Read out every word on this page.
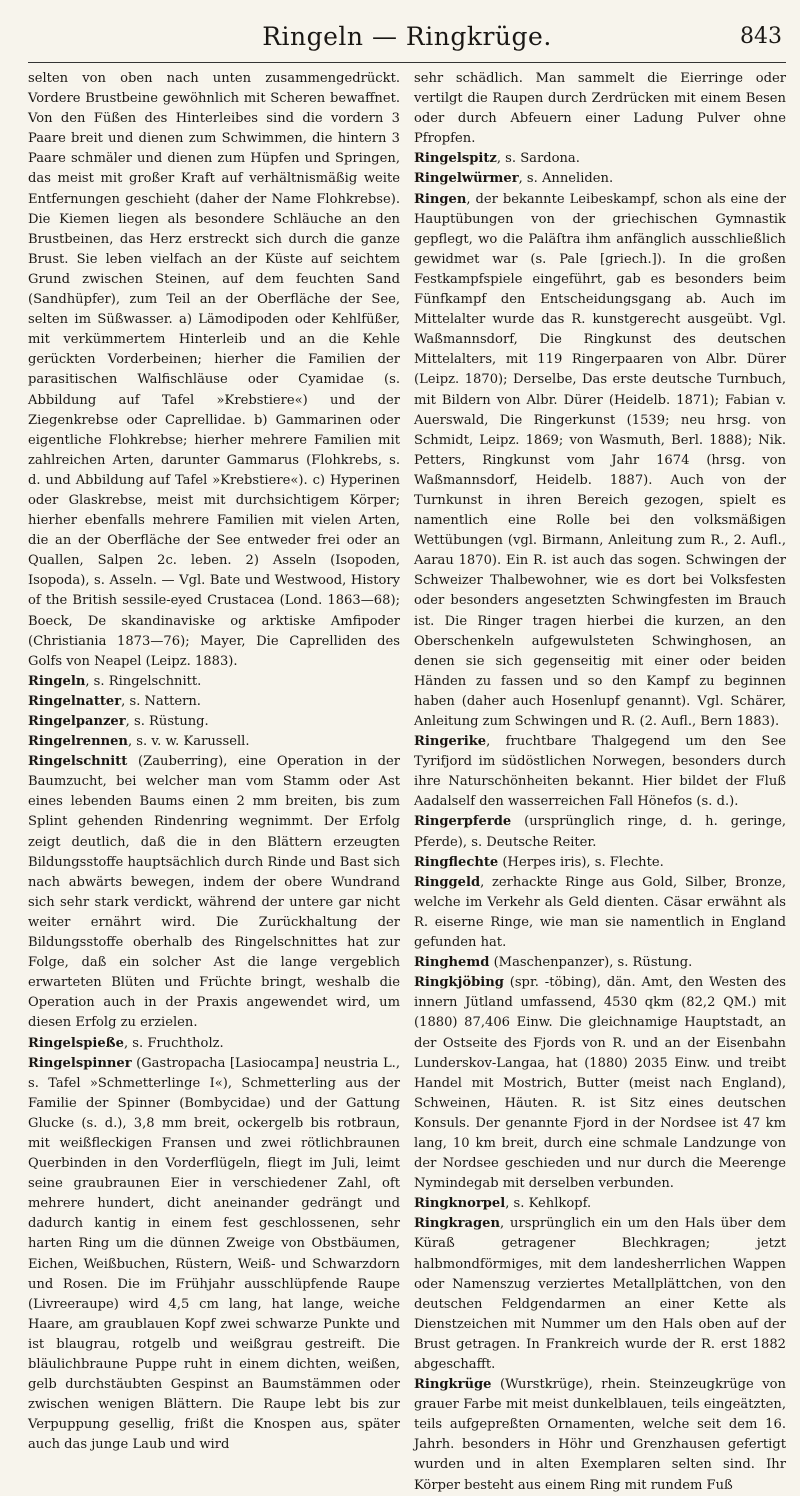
Ringeln — Ringkrüge.	843

selten von oben nach unten zusammengedrückt. Vordere Brustbeine gewöhnlich mit Scheren bewaffnet. Von den Füßen des Hinterleibes sind die vordern 3 Paare breit und dienen zum Schwimmen, die hintern 3 Paare schmäler und dienen zum Hüpfen und Springen, das meist mit großer Kraft auf verhältnismäßig weite Entfernungen geschieht (daher der Name Flohkrebse). Die Kiemen liegen als besondere Schläuche an den Brustbeinen, das Herz erstreckt sich durch die ganze Brust. Sie leben vielfach an der Küste auf seichtem Grund zwischen Steinen, auf dem feuchten Sand (Sandhüpfer), zum Teil an der Oberfläche der See, selten im Süßwasser. a) Lämodipoden oder Kehlfüßer, mit verkümmertem Hinterleib und an die Kehle gerückten Vorderbeinen; hierher die Familien der parasitischen Walfischläuse oder Cyamidae (s. Abbildung auf Tafel »Krebstiere«) und der Ziegenkrebse oder Caprellidae. b) Gammarinen oder eigentliche Flohkrebse; hierher mehrere Familien mit zahlreichen Arten, darunter Gammarus (Flohkrebs, s. d. und Abbildung auf Tafel »Krebstiere«). c) Hyperinen oder Glaskrebse, meist mit durchsichtigem Körper; hierher ebenfalls mehrere Familien mit vielen Arten, die an der Oberfläche der See entweder frei oder an Quallen, Salpen 2c. leben. 2) Asseln (Isopoden, Isopoda), s. Asseln. — Vgl. Bate und Westwood, History of the British sessile-eyed Crustacea (Lond. 1863—68); Boeck, De skandinaviske og arktiske Amfipoder (Christiania 1873—76); Mayer, Die Caprelliden des Golfs von Neapel (Leipz. 1883).

Ringeln, s. Ringelschnitt.

Ringelnatter, s. Nattern.

Ringelpanzer, s. Rüstung.

Ringelrennen, s. v. w. Karussell.

Ringelschnitt (Zauberring), eine Operation in der Baumzucht, bei welcher man vom Stamm oder Ast eines lebenden Baums einen 2 mm breiten, bis zum Splint gehenden Rindenring wegnimmt. Der Erfolg zeigt deutlich, daß die in den Blättern erzeugten Bildungsstoffe hauptsächlich durch Rinde und Bast sich nach abwärts bewegen, indem der obere Wundrand sich sehr stark verdickt, während der untere gar nicht weiter ernährt wird. Die Zurückhaltung der Bildungsstoffe oberhalb des Ringelschnittes hat zur Folge, daß ein solcher Ast die lange vergeblich erwarteten Blüten und Früchte bringt, weshalb die Operation auch in der Praxis angewendet wird, um diesen Erfolg zu erzielen.

Ringelspieße, s. Fruchtholz.

Ringelspinner (Gastropacha [Lasiocampa] neustria L., s. Tafel »Schmetterlinge I«), Schmetterling aus der Familie der Spinner (Bombycidae) und der Gattung Glucke (s. d.), 3,8 mm breit, ockergelb bis rotbraun, mit weißfleckigen Fransen und zwei rötlichbraunen Querbinden in den Vorderflügeln, fliegt im Juli, leimt seine graubraunen Eier in verschiedener Zahl, oft mehrere hundert, dicht aneinander gedrängt und dadurch kantig in einem fest geschlossenen, sehr harten Ring um die dünnen Zweige von Obstbäumen, Eichen, Weißbuchen, Rüstern, Weiß- und Schwarzdorn und Rosen. Die im Frühjahr ausschlüpfende Raupe (Livreeraupe) wird 4,5 cm lang, hat lange, weiche Haare, am graublauen Kopf zwei schwarze Punkte und ist blaugrau, rotgelb und weißgrau gestreift. Die bläulichbraune Puppe ruht in einem dichten, weißen, gelb durchstäubten Gespinst an Baumstämmen oder zwischen wenigen Blättern. Die Raupe lebt bis zur Verpuppung gesellig, frißt die Knospen aus, später auch das junge Laub und wird

sehr schädlich. Man sammelt die Eierringe oder vertilgt die Raupen durch Zerdrücken mit einem Besen oder durch Abfeuern einer Ladung Pulver ohne Pfropfen.

Ringelspitz, s. Sardona.

Ringelwürmer, s. Anneliden.

Ringen, der bekannte Leibeskampf, schon als eine der Hauptübungen von der griechischen Gymnastik gepflegt, wo die Paläſtra ihm anfänglich ausschließlich gewidmet war (s. Pale [griech.]). In die großen Festkampfspiele eingeführt, gab es besonders beim Fünfkampf den Entscheidungsgang ab. Auch im Mittelalter wurde das R. kunstgerecht ausgeübt. Vgl. Waßmannsdorf, Die Ringkunst des deutschen Mittelalters, mit 119 Ringerpaaren von Albr. Dürer (Leipz. 1870); Derselbe, Das erste deutsche Turnbuch, mit Bildern von Albr. Dürer (Heidelb. 1871); Fabian v. Auerswald, Die Ringerkunst (1539; neu hrsg. von Schmidt, Leipz. 1869; von Wasmuth, Berl. 1888); Nik. Petters, Ringkunst vom Jahr 1674 (hrsg. von Waßmannsdorf, Heidelb. 1887). Auch von der Turnkunst in ihren Bereich gezogen, spielt es namentlich eine Rolle bei den volksmäßigen Wettübungen (vgl. Birmann, Anleitung zum R., 2. Aufl., Aarau 1870). Ein R. ist auch das sogen. Schwingen der Schweizer Thalbewohner, wie es dort bei Volksfesten oder besonders angesetzten Schwingfesten im Brauch ist. Die Ringer tragen hierbei die kurzen, an den Oberschenkeln aufgewulsteten Schwinghosen, an denen sie sich gegenseitig mit einer oder beiden Händen zu fassen und so den Kampf zu beginnen haben (daher auch Hosenlupf genannt). Vgl. Schärer, Anleitung zum Schwingen und R. (2. Aufl., Bern 1883).

Ringerike, fruchtbare Thalgegend um den See Tyrifjord im südöstlichen Norwegen, besonders durch ihre Naturschönheiten bekannt. Hier bildet der Fluß Aadalself den wasserreichen Fall Hönefos (s. d.).

Ringerpferde (ursprünglich ringe, d. h. geringe, Pferde), s. Deutsche Reiter.

Ringflechte (Herpes iris), s. Flechte.

Ringgeld, zerhackte Ringe aus Gold, Silber, Bronze, welche im Verkehr als Geld dienten. Cäsar erwähnt als R. eiserne Ringe, wie man sie namentlich in England gefunden hat.

Ringhemd (Maschenpanzer), s. Rüstung.

Ringkjöbing (spr. -töbing), dän. Amt, den Westen des innern Jütland umfassend, 4530 qkm (82,2 QM.) mit (1880) 87,406 Einw. Die gleichnamige Hauptstadt, an der Ostseite des Fjords von R. und an der Eisenbahn Lunderskov-Langaa, hat (1880) 2035 Einw. und treibt Handel mit Mostrich, Butter (meist nach England), Schweinen, Häuten. R. ist Sitz eines deutschen Konsuls. Der genannte Fjord in der Nordsee ist 47 km lang, 10 km breit, durch eine schmale Landzunge von der Nordsee geschieden und nur durch die Meerenge Nymindegab mit derselben verbunden.

Ringknorpel, s. Kehlkopf.

Ringkragen, ursprünglich ein um den Hals über dem Küraß getragener Blechkragen; jetzt halbmondförmiges, mit dem landesherrlichen Wappen oder Namenszug verziertes Metallplättchen, von den deutschen Feldgendarmen an einer Kette als Dienstzeichen mit Nummer um den Hals oben auf der Brust getragen. In Frankreich wurde der R. erst 1882 abgeschafft.

Ringkrüge (Wurstkrüge), rhein. Steinzeugkrüge von grauer Farbe mit meist dunkelblauen, teils eingeätzten, teils aufgepreßten Ornamenten, welche seit dem 16. Jahrh. besonders in Höhr und Grenzhausen gefertigt wurden und in alten Exemplaren selten sind. Ihr Körper besteht aus einem Ring mit rundem Fuß
